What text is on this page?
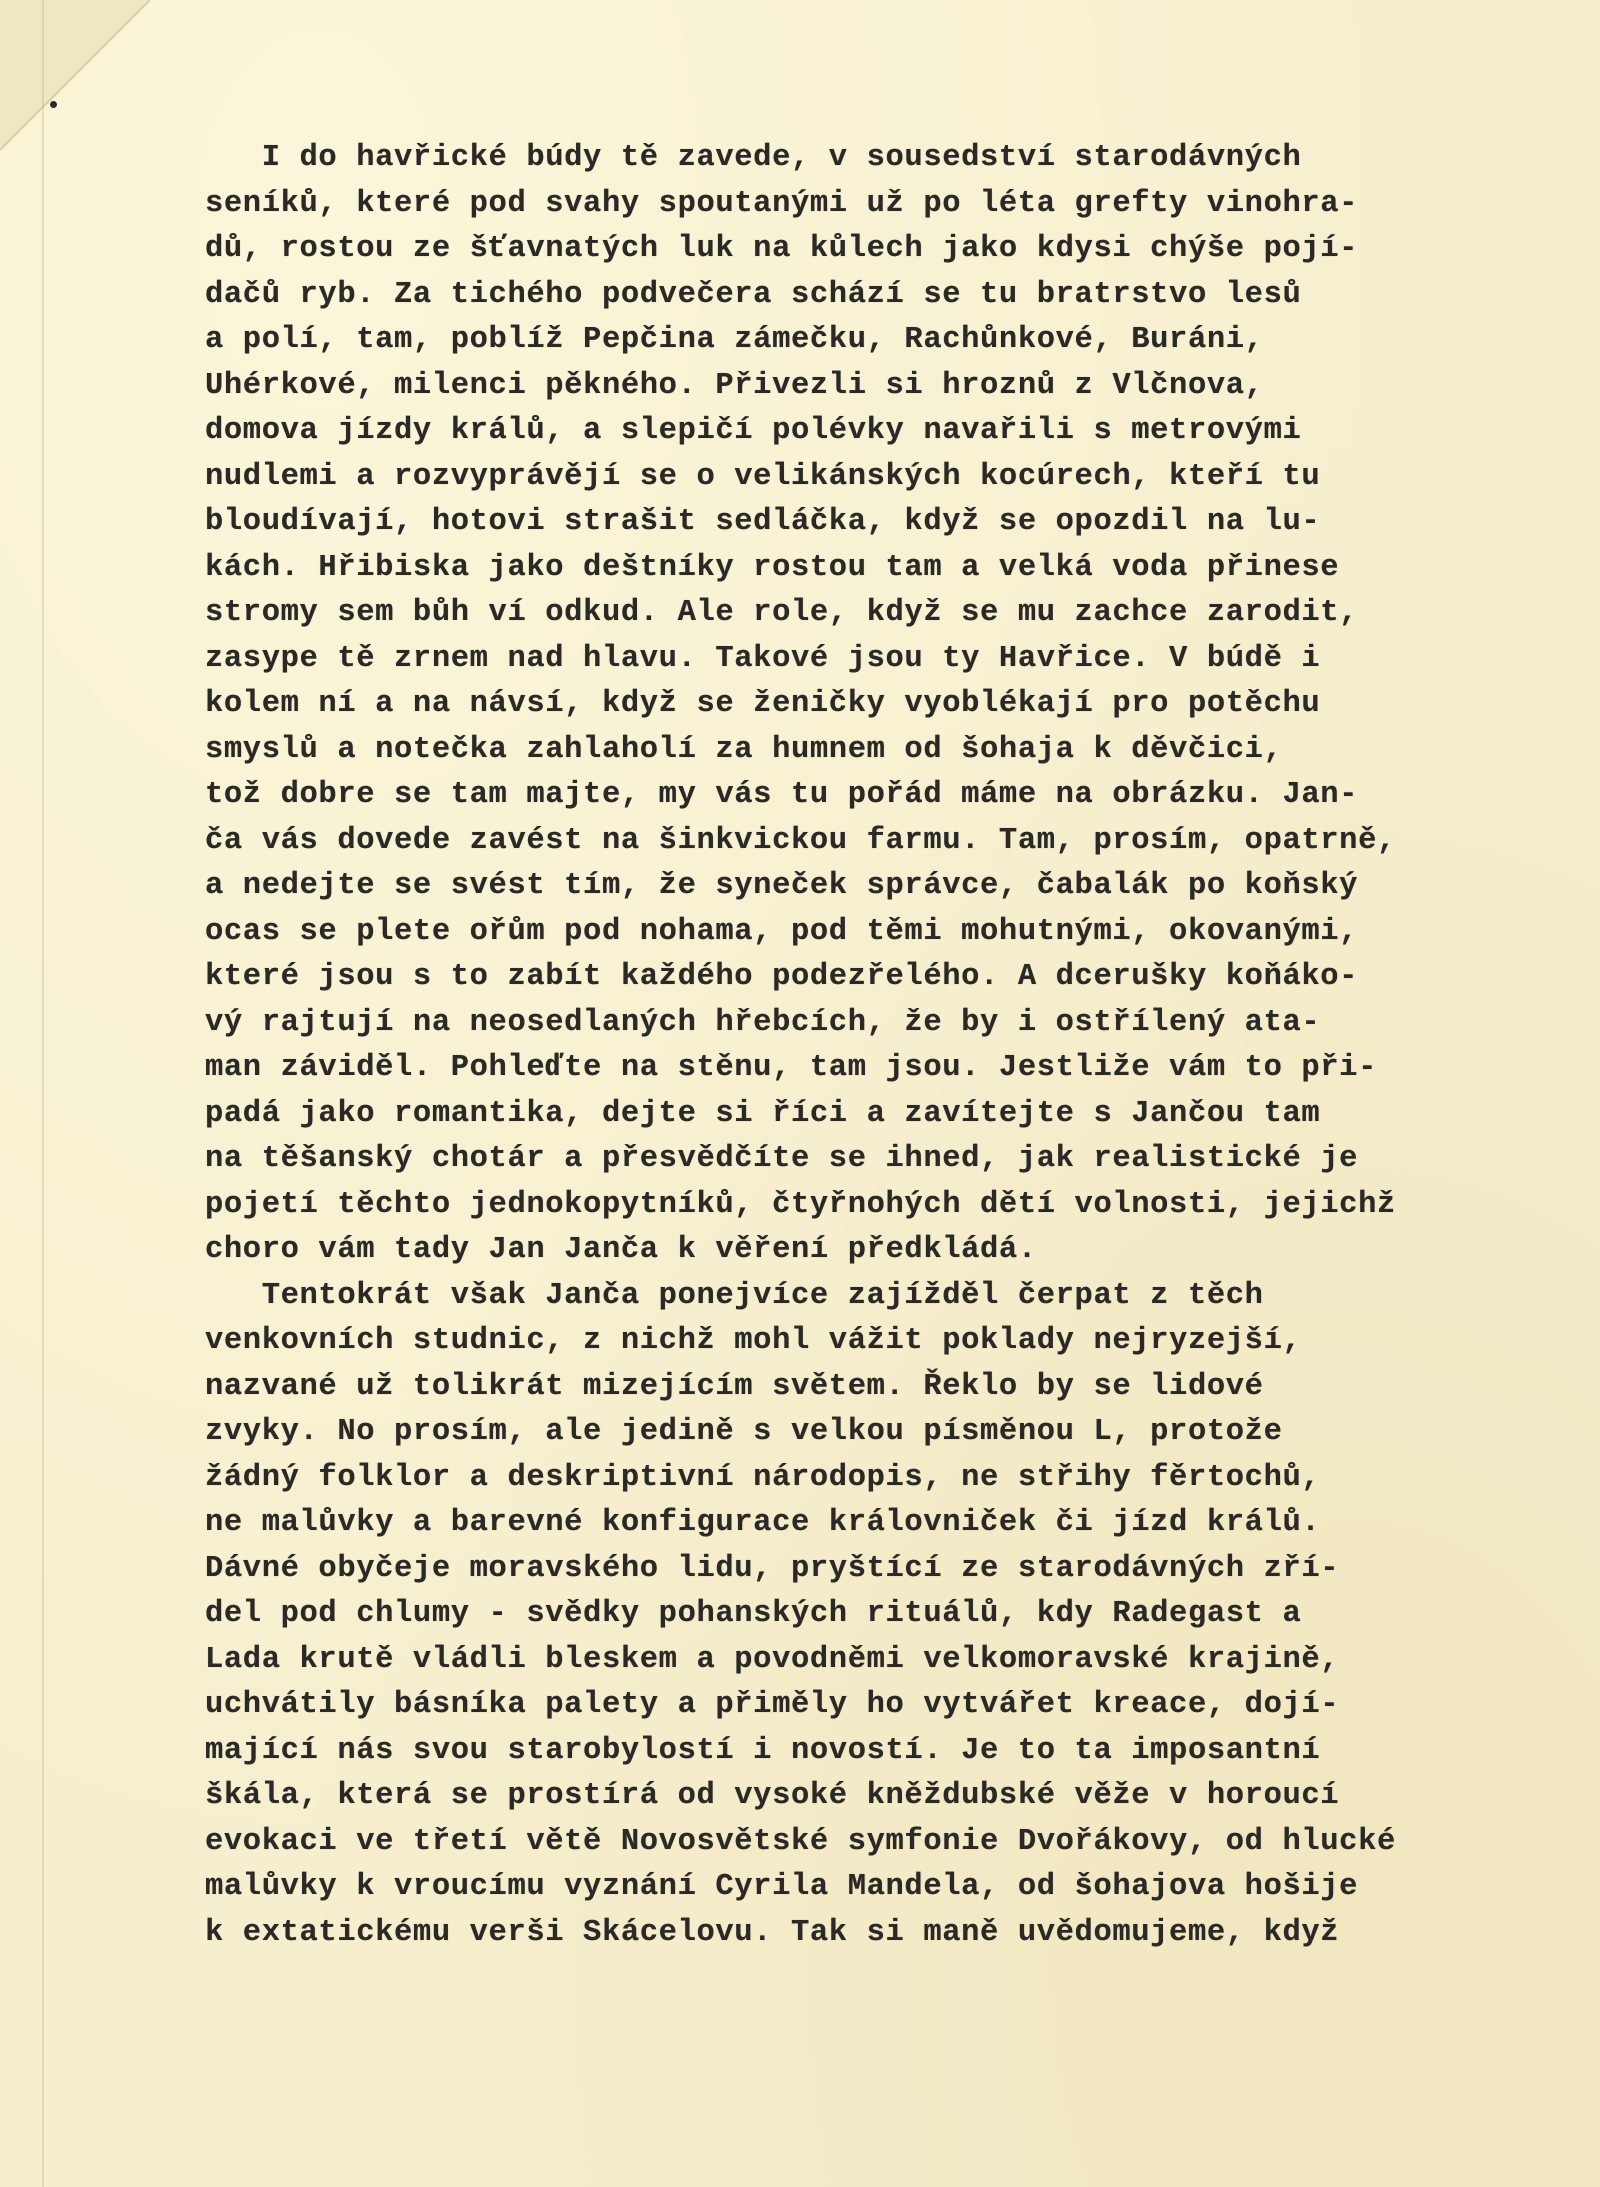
I do havřické búdy tě zavede, v sousedství starodávných
seníků, které pod svahy spoutanými už po léta grefty vinohra-
dů, rostou ze šťavnatých luk na kůlech jako kdysi chýše pojí-
dačů ryb. Za tichého podvečera schází se tu bratrstvo lesů
a polí, tam, poblíž Pepčina zámečku, Rachůnkové, Buráni,
Uhérkové, milenci pěkného. Přivezli si hroznů z Vlčnova,
domova jízdy králů, a slepičí polévky navařili s metrovými
nudlemi a rozvyprávějí se o velikánských kocúrech, kteří tu
bloudívají, hotovi strašit sedláčka, když se opozdil na lu-
kách. Hřibiska jako deštníky rostou tam a velká voda přinese
stromy sem bůh ví odkud. Ale role, když se mu zachce zarodit,
zasype tě zrnem nad hlavu. Takové jsou ty Havřice. V búdě i
kolem ní a na návsí, když se ženičky vyoblékají pro potěchu
smyslů a notečka zahlaholí za humnem od šohaja k děvčici,
tož dobre se tam majte, my vás tu pořád máme na obrázku. Jan-
ča vás dovede zavést na šinkvickou farmu. Tam, prosím, opatrně,
a nedejte se svést tím, že syneček správce, čabalák po koňský
ocas se plete ořům pod nohama, pod těmi mohutnými, okovanými,
které jsou s to zabít každého podezřelého. A dcerušky koňáko-
vý rajtují na neosedlaných hřebcích, že by i ostřílený ata-
man záviděl. Pohleďte na stěnu, tam jsou. Jestliže vám to při-
padá jako romantika, dejte si říci a zavítejte s Jančou tam
na těšanský chotár a přesvědčíte se ihned, jak realistické je
pojetí těchto jednokopytníků, čtyřnohých dětí volnosti, jejichž
choro vám tady Jan Janča k věření předkládá.
Tentokrát však Janča ponejvíce zajížděl čerpat z těch
venkovních studnic, z nichž mohl vážit poklady nejryzejší,
nazvané už tolikrát mizejícím světem. Řeklo by se lidové
zvyky. No prosím, ale jedině s velkou písměnou L, protože
žádný folklor a deskriptivní národopis, ne střihy fěrtochů,
ne malůvky a barevné konfigurace královniček či jízd králů.
Dávné obyčeje moravského lidu, pryštící ze starodávných zří-
del pod chlumy - svědky pohanských rituálů, kdy Radegast a
Lada krutě vládli bleskem a povodněmi velkomoravské krajině,
uchvátily básníka palety a přiměly ho vytvářet kreace, dojí-
mající nás svou starobylostí i novostí. Je to ta imposantní
škála, která se prostírá od vysoké kněždubské věže v horoucí
evokaci ve třetí větě Novosvětské symfonie Dvořákovy, od hlucké
malůvky k vroucímu vyznání Cyrila Mandela, od šohajova hošije
k extatickému verši Skácelovu. Tak si maně uvědomujeme, když
